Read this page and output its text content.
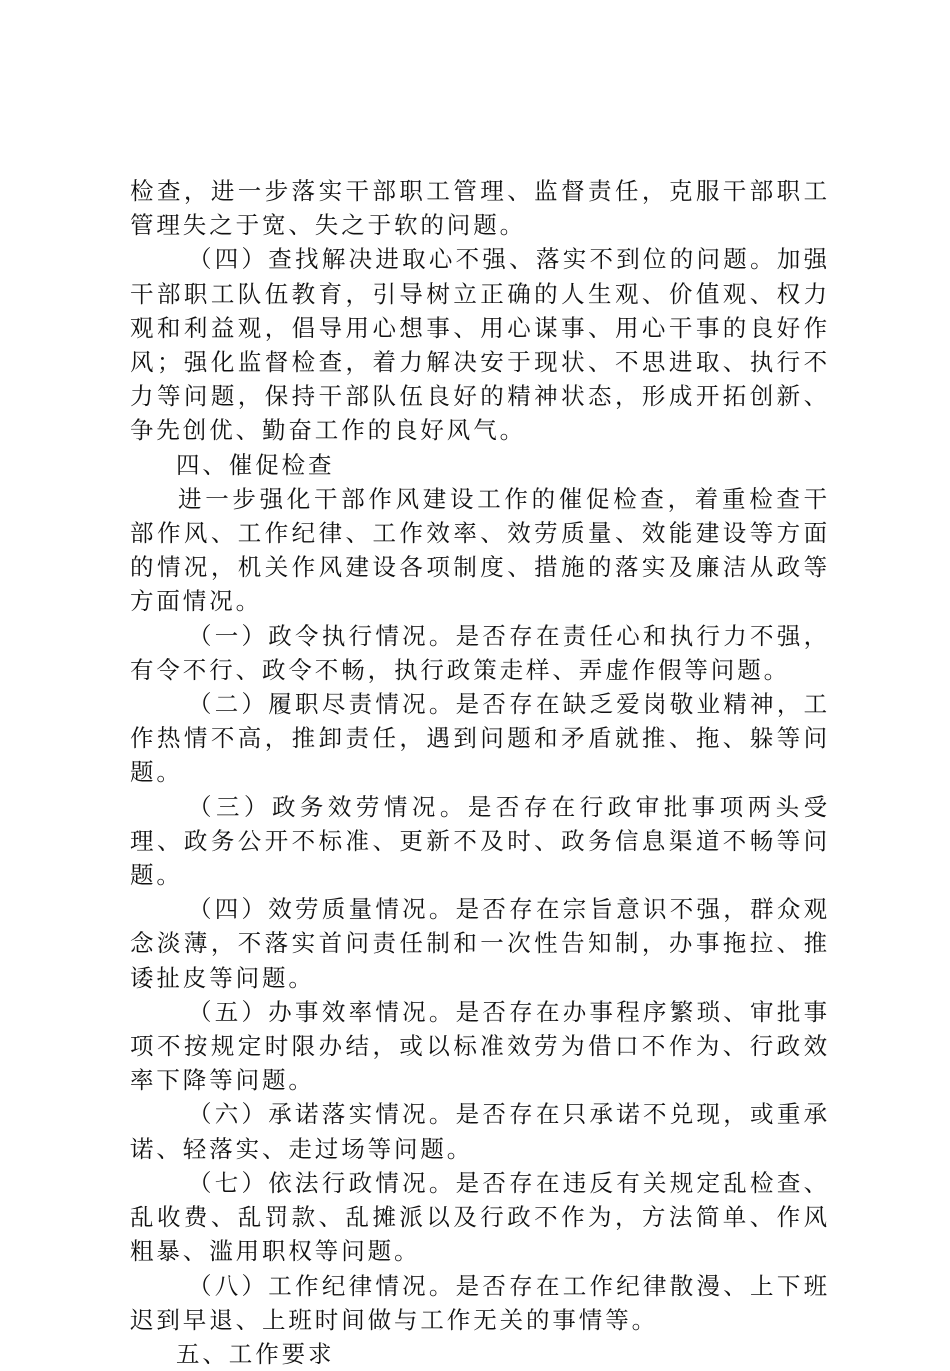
检查，进一步落实干部职工管理、监督责任，克服干部职工管理失之于宽、失之于软的问题。

（四）查找解决进取心不强、落实不到位的问题。加强干部职工队伍教育，引导树立正确的人生观、价值观、权力观和利益观，倡导用心想事、用心谋事、用心干事的良好作风；强化监督检查，着力解决安于现状、不思进取、执行不力等问题，保持干部队伍良好的精神状态，形成开拓创新、争先创优、勤奋工作的良好风气。

四、催促检查

进一步强化干部作风建设工作的催促检查，着重检查干部作风、工作纪律、工作效率、效劳质量、效能建设等方面的情况，机关作风建设各项制度、措施的落实及廉洁从政等方面情况。

（一）政令执行情况。是否存在责任心和执行力不强，有令不行、政令不畅，执行政策走样、弄虚作假等问题。

（二）履职尽责情况。是否存在缺乏爱岗敬业精神，工作热情不高，推卸责任，遇到问题和矛盾就推、拖、躲等问题。

（三）政务效劳情况。是否存在行政审批事项两头受理、政务公开不标准、更新不及时、政务信息渠道不畅等问题。

（四）效劳质量情况。是否存在宗旨意识不强，群众观念淡薄，不落实首问责任制和一次性告知制，办事拖拉、推诿扯皮等问题。

（五）办事效率情况。是否存在办事程序繁琐、审批事项不按规定时限办结，或以标准效劳为借口不作为、行政效率下降等问题。

（六）承诺落实情况。是否存在只承诺不兑现，或重承诺、轻落实、走过场等问题。

（七）依法行政情况。是否存在违反有关规定乱检查、乱收费、乱罚款、乱摊派以及行政不作为，方法简单、作风粗暴、滥用职权等问题。

（八）工作纪律情况。是否存在工作纪律散漫、上下班迟到早退、上班时间做与工作无关的事情等。

五、工作要求
